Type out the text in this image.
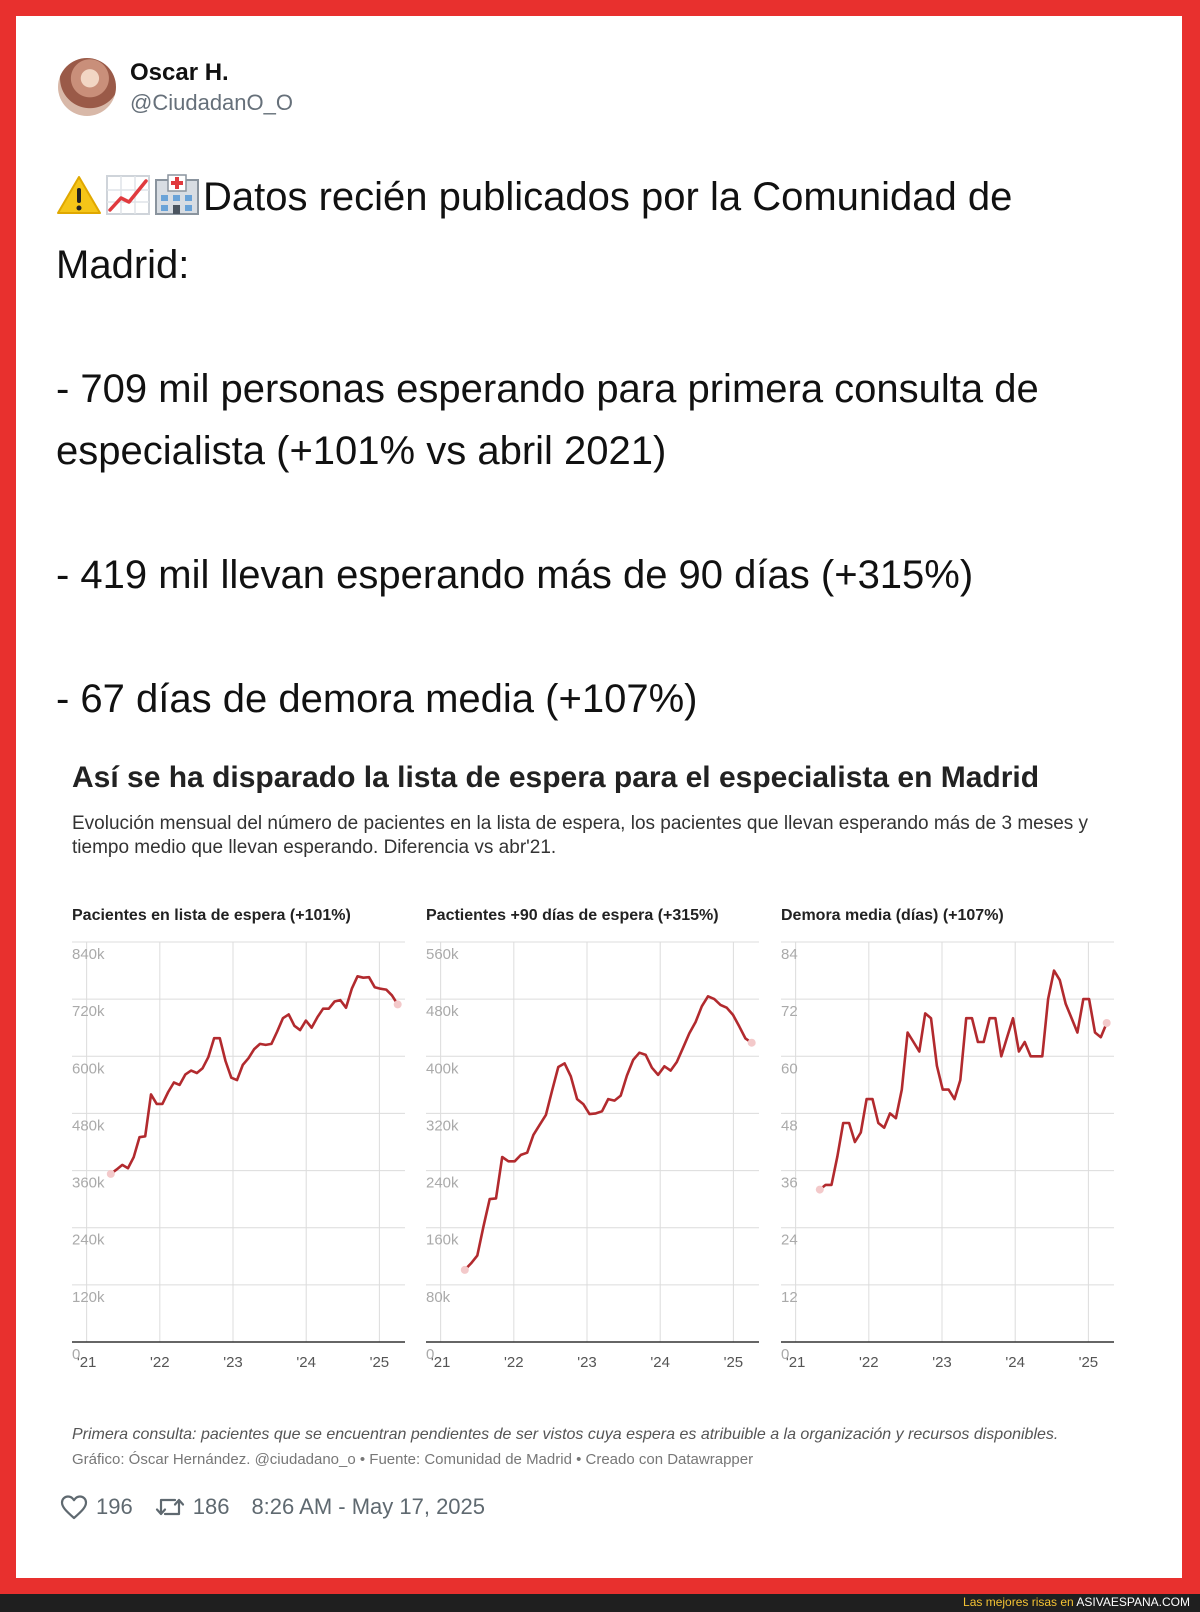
Oscar H.
@CiudadanO_O

Datos recién publicados por la Comunidad de

Madrid:

- 709 mil personas esperando para primera consulta de

especialista (+101% vs abril 2021)

- 419 mil llevan esperando más de 90 días (+315%)

- 67 días de demora media (+107%)

Así se ha disparado la lista de espera para el especialista en Madrid
Evolución mensual del número de pacientes en la lista de espera, los pacientes que llevan esperando más de 3 meses y tiempo medio que llevan esperando. Diferencia vs abr'21.
Pacientes en lista de espera (+101%)
'21	'22	'23	'24	'25
0
120k
240k
360k
480k
600k
720k
840k
Pactientes +90 días de espera (+315%)
'21	'22	'23	'24	'25
0
80k
160k
240k
320k
400k
480k
560k
Demora media (días) (+107%)
'21	'22	'23	'24	'25
0
12
24
36
48
60
72
84
Primera consulta: pacientes que se encuentran pendientes de ser vistos cuya espera es atribuible a la organización y recursos disponibles.
Gráfico: Óscar Hernández. @ciudadano_o • Fuente: Comunidad de Madrid • Creado con Datawrapper
196	186 8:26 AM - May 17, 2025
Las mejores risas en ASIVAESPANA.COM
